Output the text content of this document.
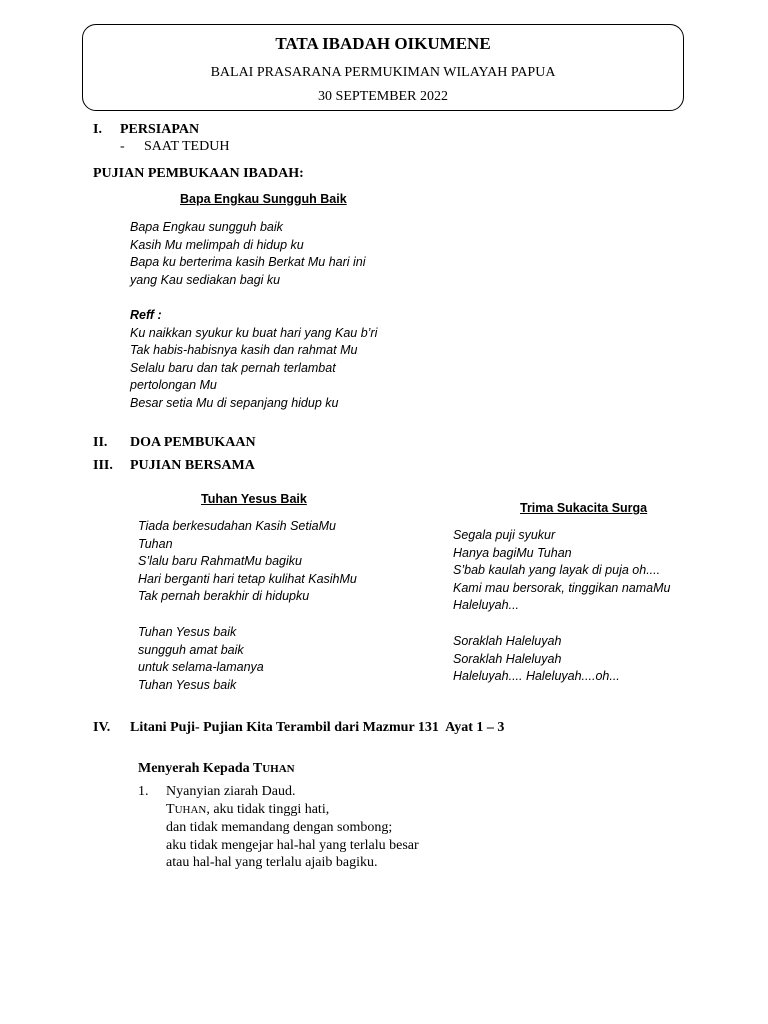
TATA IBADAH OIKUMENE
BALAI PRASARANA PERMUKIMAN WILAYAH PAPUA
30 SEPTEMBER 2022
I. PERSIAPAN
- SAAT TEDUH
PUJIAN PEMBUKAAN IBADAH:
Bapa Engkau Sungguh Baik
Bapa Engkau sungguh baik
Kasih Mu melimpah di hidup ku
Bapa ku berterima kasih Berkat Mu hari ini
yang Kau sediakan bagi ku
Reff :
Ku naikkan syukur ku buat hari yang Kau b’ri
Tak habis-habisnya kasih dan rahmat Mu
Selalu baru dan tak pernah terlambat
pertolongan Mu
Besar setia Mu di sepanjang hidup ku
II. DOA PEMBUKAAN
III. PUJIAN BERSAMA
Tuhan Yesus Baik
Tiada berkesudahan Kasih SetiaMu
Tuhan
S’lalu baru RahmatMu bagiku
Hari berganti hari tetap kulihat KasihMu
Tak pernah berakhir di hidupku
Tuhan Yesus baik
sungguh amat baik
untuk selama-lamanya
Tuhan Yesus baik
Trima Sukacita Surga
Segala puji syukur
Hanya bagiMu Tuhan
S’bab kaulah yang layak di puja oh....
Kami mau bersorak, tinggikan namaMu
Haleluyah...
Soraklah Haleluyah
Soraklah Haleluyah
Haleluyah.... Haleluyah....oh...
IV. Litani Puji- Pujian Kita Terambil dari Mazmur 131  Ayat 1 – 3
Menyerah Kepada TUHAN
1. Nyanyian ziarah Daud.
TUHAN, aku tidak tinggi hati,
dan tidak memandang dengan sombong;
aku tidak mengejar hal-hal yang terlalu besar
atau hal-hal yang terlalu ajaib bagiku.
